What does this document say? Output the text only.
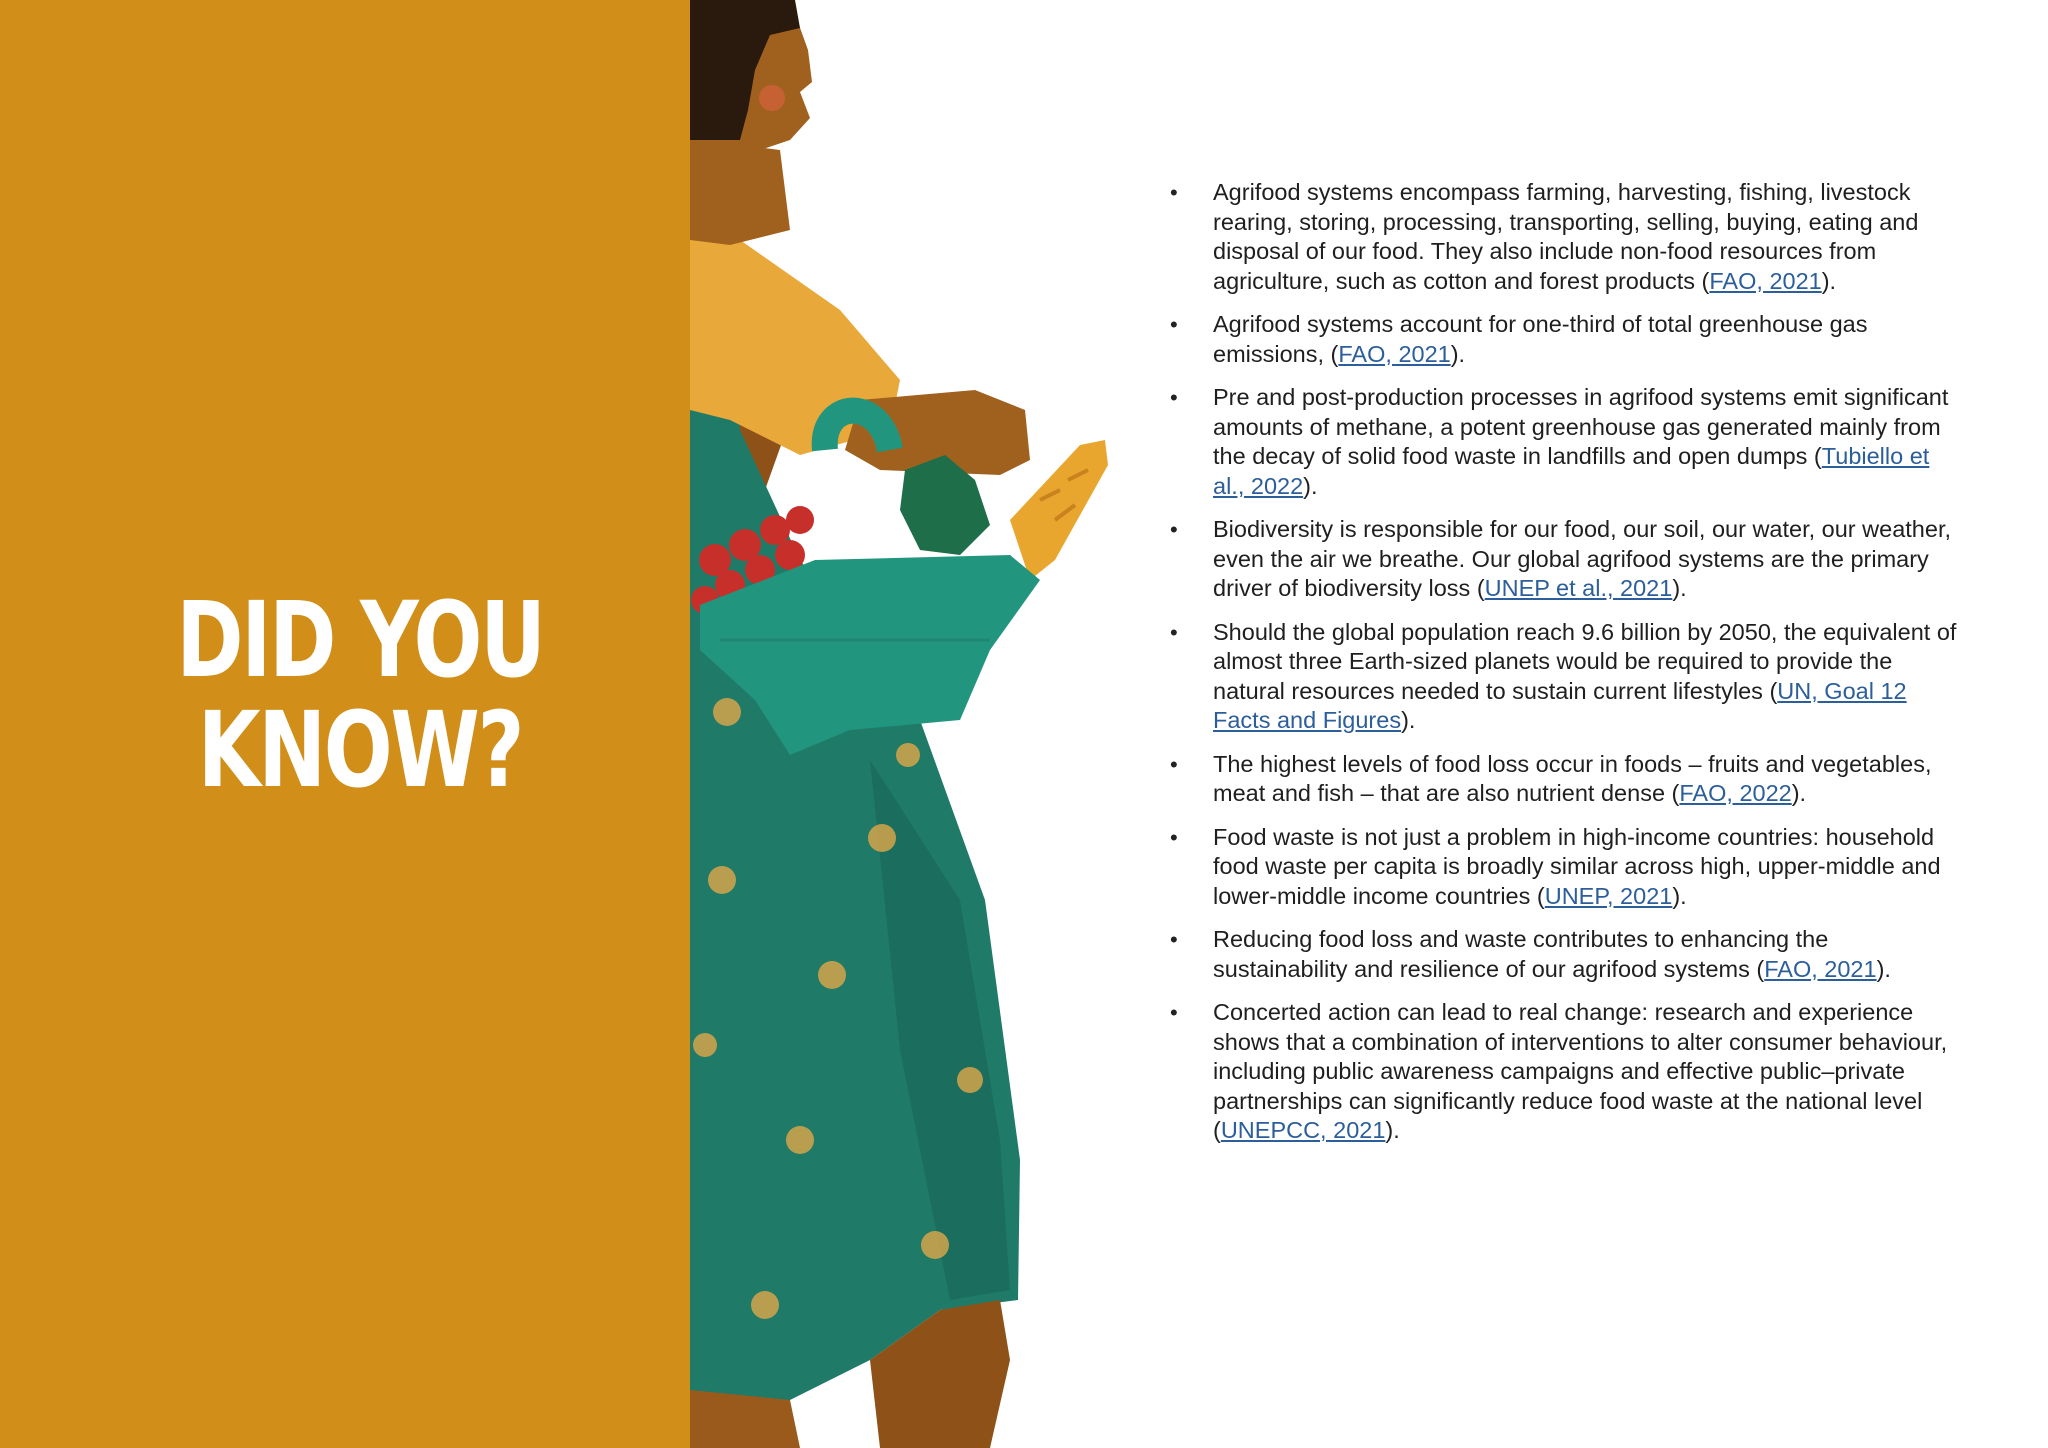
DID YOU KNOW?
• Agrifood systems encompass farming, harvesting, fishing, livestock rearing, storing, processing, transporting, selling, buying, eating and disposal of our food. They also include non-food resources from agriculture, such as cotton and forest products (FAO, 2021).
• Agrifood systems account for one-third of total greenhouse gas emissions, (FAO, 2021).
• Pre and post-production processes in agrifood systems emit significant amounts of methane, a potent greenhouse gas generated mainly from the decay of solid food waste in landfills and open dumps (Tubiello et al., 2022).
• Biodiversity is responsible for our food, our soil, our water, our weather, even the air we breathe. Our global agrifood systems are the primary driver of biodiversity loss (UNEP et al., 2021).
• Should the global population reach 9.6 billion by 2050, the equivalent of almost three Earth-sized planets would be required to provide the natural resources needed to sustain current lifestyles (UN, Goal 12 Facts and Figures).
• The highest levels of food loss occur in foods – fruits and vegetables, meat and fish – that are also nutrient dense (FAO, 2022).
• Food waste is not just a problem in high-income countries: household food waste per capita is broadly similar across high, upper-middle and lower-middle income countries (UNEP, 2021).
• Reducing food loss and waste contributes to enhancing the sustainability and resilience of our agrifood systems (FAO, 2021).
• Concerted action can lead to real change: research and experience shows that a combination of interventions to alter consumer behaviour, including public awareness campaigns and effective public–private partnerships can significantly reduce food waste at the national level (UNEPCC, 2021).
